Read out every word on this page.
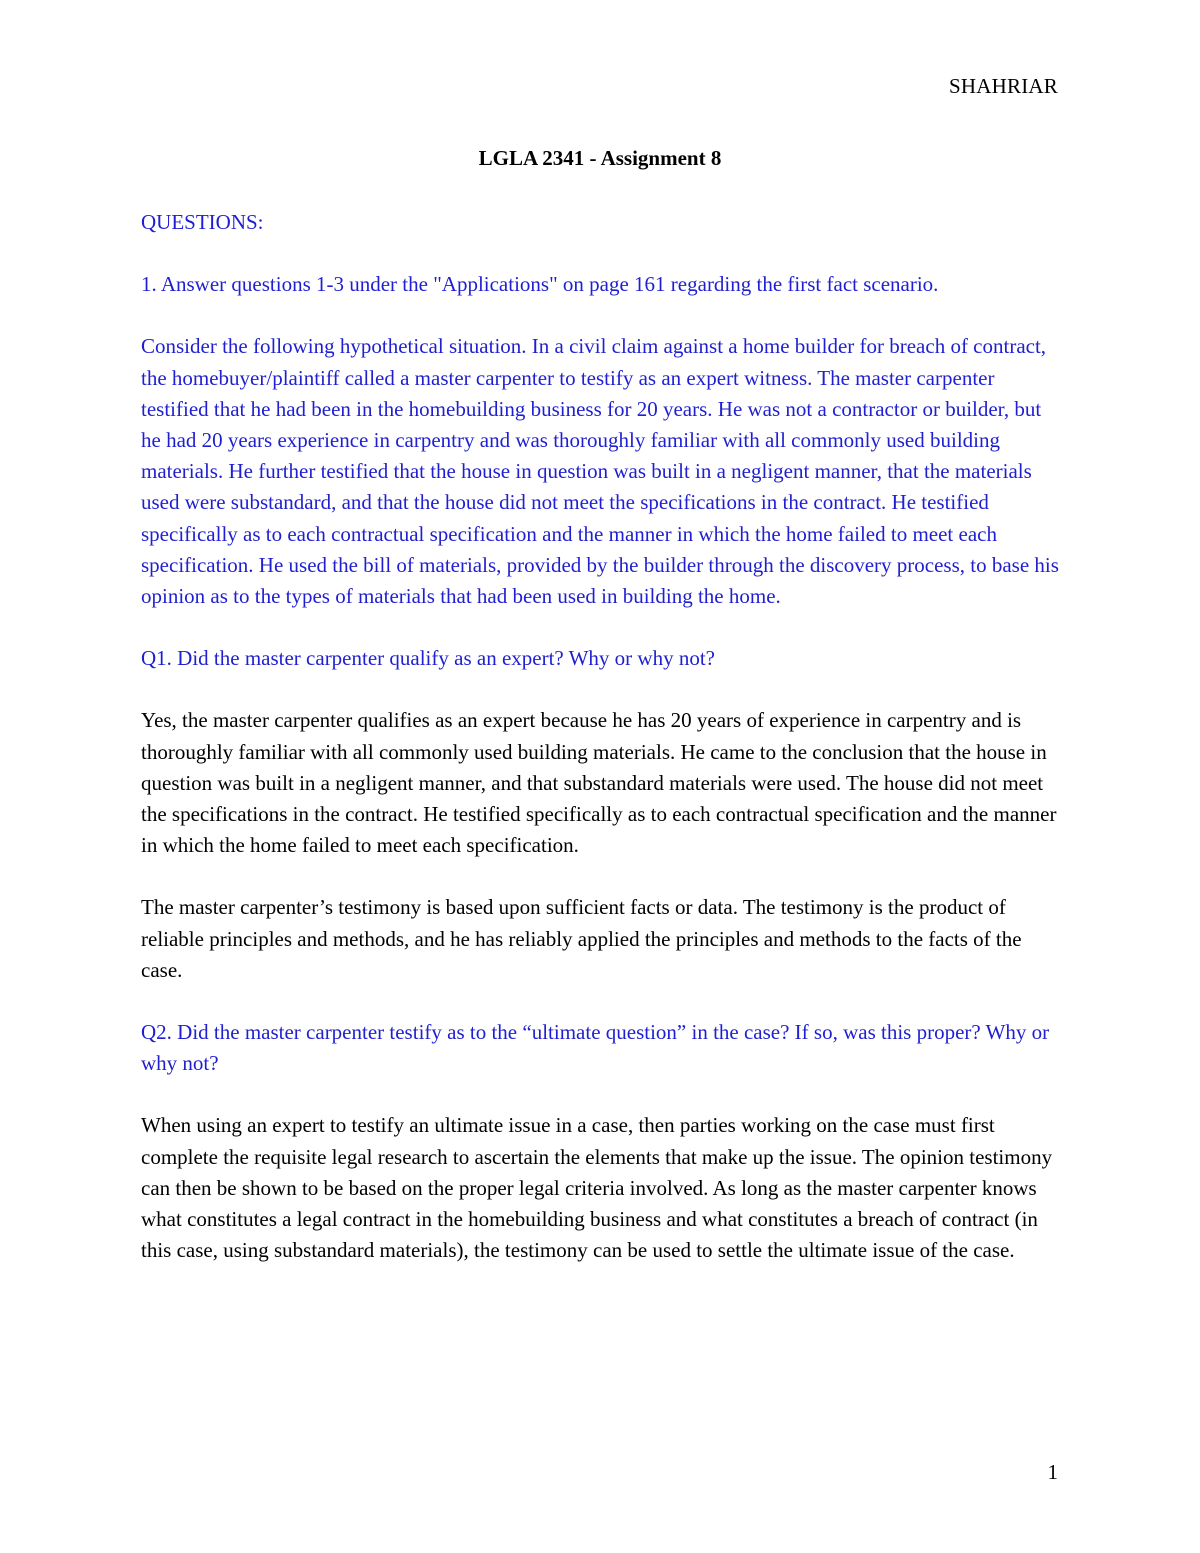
SHAHRIAR
LGLA 2341 - Assignment 8

QUESTIONS:

1. Answer questions 1-3 under the "Applications" on page 161 regarding the first fact scenario.

Consider the following hypothetical situation. In a civil claim against a home builder for breach of contract, the homebuyer/plaintiff called a master carpenter to testify as an expert witness. The master carpenter testified that he had been in the homebuilding business for 20 years. He was not a contractor or builder, but he had 20 years experience in carpentry and was thoroughly familiar with all commonly used building materials. He further testified that the house in question was built in a negligent manner, that the materials used were substandard, and that the house did not meet the specifications in the contract. He testified specifically as to each contractual specification and the manner in which the home failed to meet each specification. He used the bill of materials, provided by the builder through the discovery process, to base his opinion as to the types of materials that had been used in building the home.

Q1. Did the master carpenter qualify as an expert? Why or why not?

Yes, the master carpenter qualifies as an expert because he has 20 years of experience in carpentry and is thoroughly familiar with all commonly used building materials. He came to the conclusion that the house in question was built in a negligent manner, and that substandard materials were used. The house did not meet the specifications in the contract. He testified specifically as to each contractual specification and the manner in which the home failed to meet each specification.

The master carpenter’s testimony is based upon sufficient facts or data. The testimony is the product of reliable principles and methods, and he has reliably applied the principles and methods to the facts of the case.

Q2. Did the master carpenter testify as to the “ultimate question” in the case? If so, was this proper? Why or why not?

When using an expert to testify an ultimate issue in a case, then parties working on the case must first complete the requisite legal research to ascertain the elements that make up the issue. The opinion testimony can then be shown to be based on the proper legal criteria involved. As long as the master carpenter knows what constitutes a legal contract in the homebuilding business and what constitutes a breach of contract (in this case, using substandard materials), the testimony can be used to settle the ultimate issue of the case.

1
